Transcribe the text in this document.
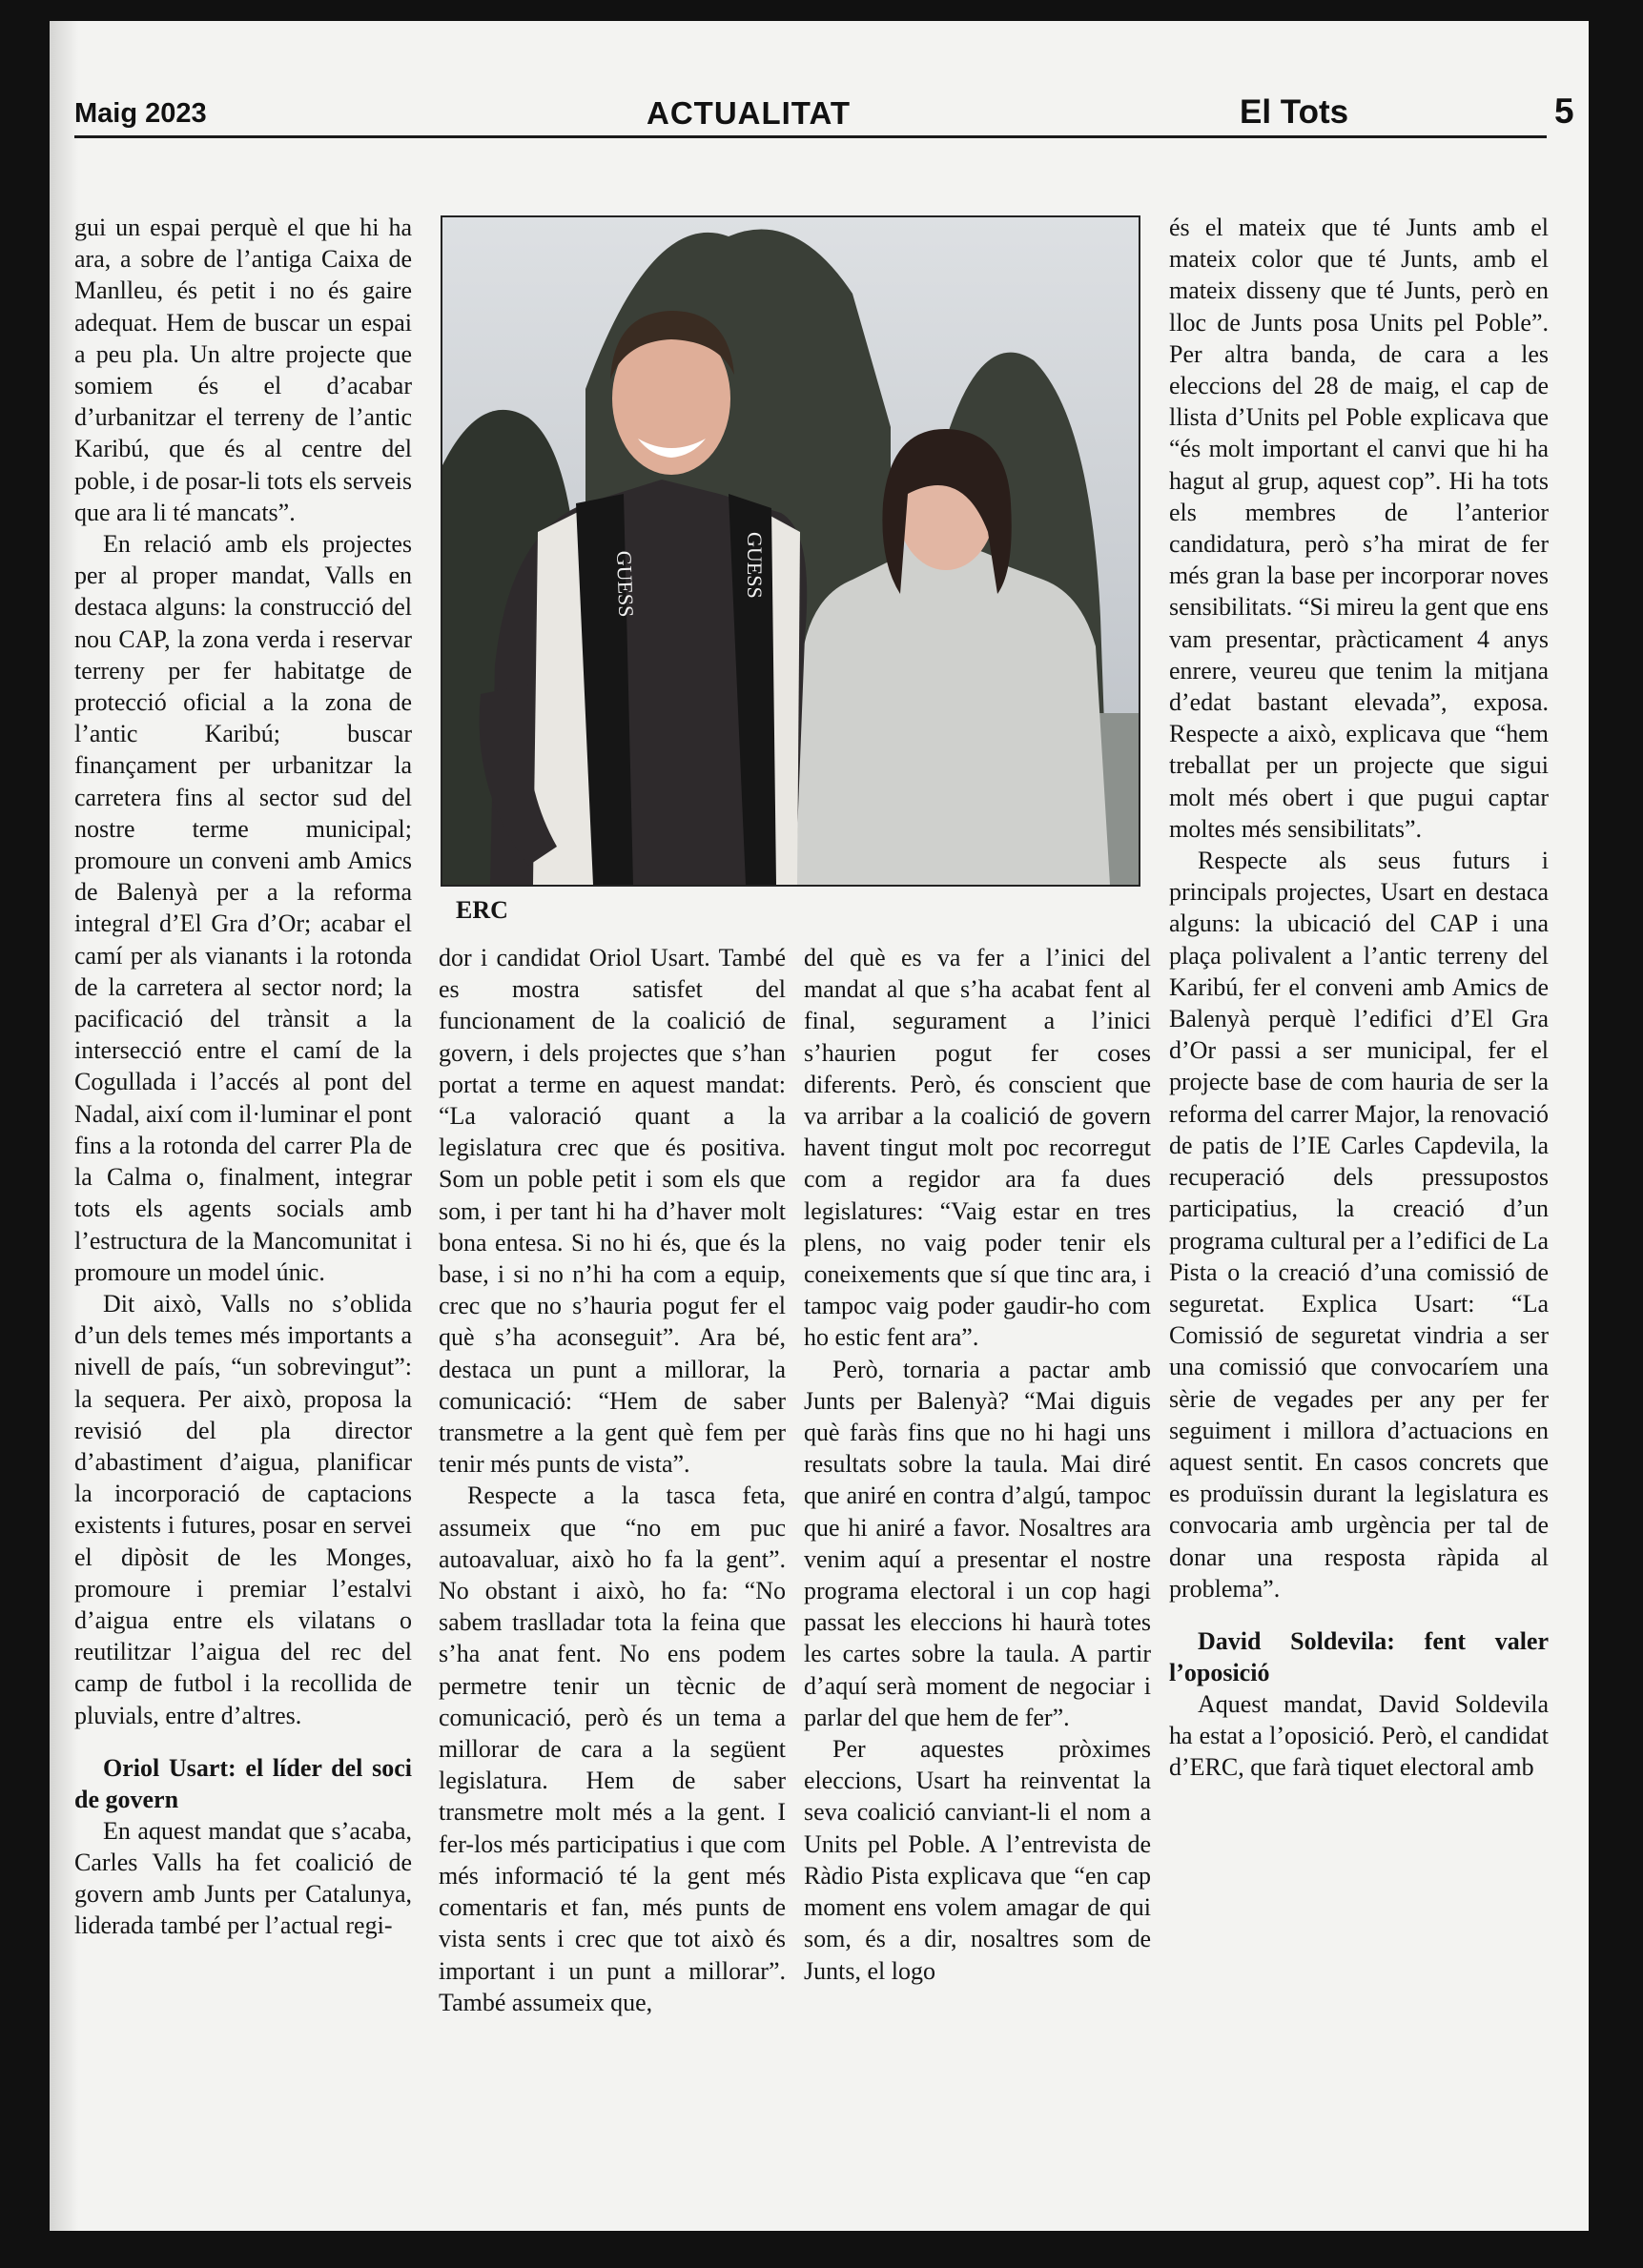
Maig 2023	ACTUALITAT	El Tots	5
GUESS	GUESS
ERC

gui un espai perquè el que hi ha ara, a sobre de l’antiga Caixa de Manlleu, és petit i no és gaire adequat. Hem de buscar un espai a peu pla. Un altre projecte que somiem és el d’acabar d’urbanitzar el terreny de l’antic Karibú, que és al centre del poble, i de posar-li tots els serveis que ara li té mancats”.

En relació amb els projectes per al proper mandat, Valls en destaca alguns: la construcció del nou CAP, la zona verda i reservar terreny per fer habitatge de protecció oficial a la zona de l’antic Karibú; buscar finançament per urbanitzar la carretera fins al sector sud del nostre terme municipal; promoure un conveni amb Amics de Balenyà per a la reforma integral d’El Gra d’Or; acabar el camí per als vianants i la rotonda de la carretera al sector nord; la pacificació del trànsit a la intersecció entre el camí de la Cogullada i l’accés al pont del Nadal, així com il·luminar el pont fins a la rotonda del carrer Pla de la Calma o, finalment, integrar tots els agents socials amb l’estructura de la Mancomunitat i promoure un model únic.

Dit això, Valls no s’oblida d’un dels temes més importants a nivell de país, “un sobrevingut”: la sequera. Per això, proposa la revisió del pla director d’abastiment d’aigua, planificar la incorporació de captacions existents i futures, posar en servei el dipòsit de les Monges, promoure i premiar l’estalvi d’aigua entre els vilatans o reutilitzar l’aigua del rec del camp de futbol i la recollida de pluvials, entre d’altres.

Oriol Usart: el líder del soci de govern

En aquest mandat que s’acaba, Carles Valls ha fet coalició de govern amb Junts per Catalunya, liderada també per l’actual regi-

dor i candidat Oriol Usart. També es mostra satisfet del funcionament de la coalició de govern, i dels projectes que s’han portat a terme en aquest mandat: “La valoració quant a la legislatura crec que és positiva. Som un poble petit i som els que som, i per tant hi ha d’haver molt bona entesa. Si no hi és, que és la base, i si no n’hi ha com a equip, crec que no s’hauria pogut fer el què s’ha aconseguit”. Ara bé, destaca un punt a millorar, la comunicació: “Hem de saber transmetre a la gent què fem per tenir més punts de vista”.

Respecte a la tasca feta, assumeix que “no em puc autoavaluar, això ho fa la gent”. No obstant i això, ho fa: “No sabem traslladar tota la feina que s’ha anat fent. No ens podem permetre tenir un tècnic de comunicació, però és un tema a millorar de cara a la següent legislatura. Hem de saber transmetre molt més a la gent. I fer-los més participatius i que com més informació té la gent més comentaris et fan, més punts de vista sents i crec que tot això és important i un punt a millorar”. També assumeix que,

del què es va fer a l’inici del mandat al que s’ha acabat fent al final, segurament a l’inici s’haurien pogut fer coses diferents. Però, és conscient que va arribar a la coalició de govern havent tingut molt poc recorregut com a regidor ara fa dues legislatures: “Vaig estar en tres plens, no vaig poder tenir els coneixements que sí que tinc ara, i tampoc vaig poder gaudir-ho com ho estic fent ara”.

Però, tornaria a pactar amb Junts per Balenyà? “Mai diguis què faràs fins que no hi hagi uns resultats sobre la taula. Mai diré que aniré en contra d’algú, tampoc que hi aniré a favor. Nosaltres ara venim aquí a presentar el nostre programa electoral i un cop hagi passat les eleccions hi haurà totes les cartes sobre la taula. A partir d’aquí serà moment de negociar i parlar del que hem de fer”.

Per aquestes pròximes eleccions, Usart ha reinventat la seva coalició canviant-li el nom a Units pel Poble. A l’entrevista de Ràdio Pista explicava que “en cap moment ens volem amagar de qui som, és a dir, nosaltres som de Junts, el logo

és el mateix que té Junts amb el mateix color que té Junts, amb el mateix disseny que té Junts, però en lloc de Junts posa Units pel Poble”. Per altra banda, de cara a les eleccions del 28 de maig, el cap de llista d’Units pel Poble explicava que “és molt important el canvi que hi ha hagut al grup, aquest cop”. Hi ha tots els membres de l’anterior candidatura, però s’ha mirat de fer més gran la base per incorporar noves sensibilitats. “Si mireu la gent que ens vam presentar, pràcticament 4 anys enrere, veureu que tenim la mitjana d’edat bastant elevada”, exposa. Respecte a això, explicava que “hem treballat per un projecte que sigui molt més obert i que pugui captar moltes més sensibilitats”.

Respecte als seus futurs i principals projectes, Usart en destaca alguns: la ubicació del CAP i una plaça polivalent a l’antic terreny del Karibú, fer el conveni amb Amics de Balenyà perquè l’edifici d’El Gra d’Or passi a ser municipal, fer el projecte base de com hauria de ser la reforma del carrer Major, la renovació de patis de l’IE Carles Capdevila, la recuperació dels pressupostos participatius, la creació d’un programa cultural per a l’edifici de La Pista o la creació d’una comissió de seguretat. Explica Usart: “La Comissió de seguretat vindria a ser una comissió que convocaríem una sèrie de vegades per any per fer seguiment i millora d’actuacions en aquest sentit. En casos concrets que es produïssin durant la legislatura es convocaria amb urgència per tal de donar una resposta ràpida al problema”.

David Soldevila: fent valer l’oposició

Aquest mandat, David Soldevila ha estat a l’oposició. Però, el candidat d’ERC, que farà tiquet electoral amb
